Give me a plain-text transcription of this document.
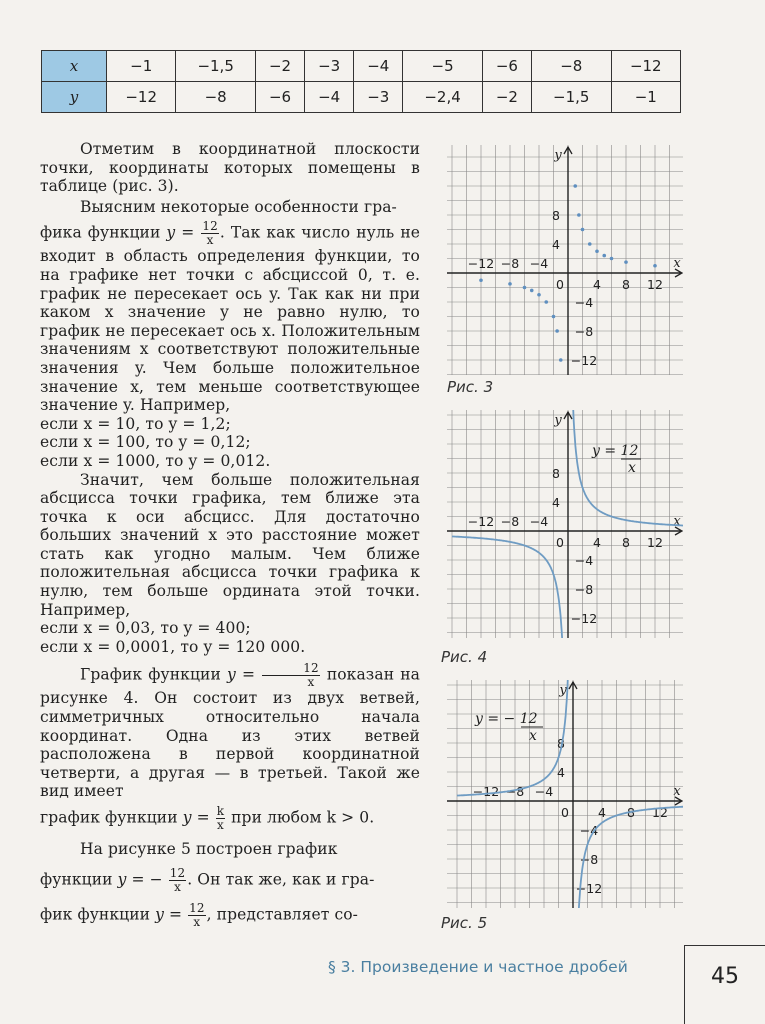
x	−1	−1,5	−2	−3	−4	−5	−6	−8	−12
y	−12	−8	−6	−4	−3	−2,4	−2	−1,5	−1

Отметим в координатной плоскости точки, координаты которых помещены в таблице (рис. 3).

Выясним некоторые особенности гра-

фика функции $y = \frac{12}{x}$ . Так как число нуль не входит в область определения функции, то на графике нет точки с абсциссой 0, т. е. график не пересекает ось y. Так как ни при каком x значение y не равно нулю, то график не пересекает ось x. Положительным значениям x соответствуют положительные значения y. Чем больше положительное значение x, тем меньше соответствующее значение y. Например,

если x = 10, то y = 1,2;
если x = 100, то y = 0,12;
если x = 1000, то y = 0,012.

Значит, чем больше положительная абсцисса точки графика, тем ближе эта точка к оси абсцисс. Для достаточно больших значений x это расстояние может стать как угодно малым. Чем ближе положительная абсцисса точки графика к нулю, тем больше ордината этой точки. Например,

если x = 0,03, то y = 400;
если x = 0,0001, то y = 120 000.

График функции $y = \frac{12}{x}$ показан на рисунке 4. Он состоит из двух ветвей, симметричных относительно начала координат. Одна из этих ветвей расположена в первой координатной четверти, а другая — в третьей. Такой же вид имеет

график функции $y = \frac{k}{x}$ при любом k > 0.

На рисунке 5 построен график

функции y = − $\frac{12}{x}$ . Он так же, как и гра-

фик функции $y = \frac{12}{x}$ , представляет со-

x
y
−12 −8 −4
4 8 12
8
4
−4
−8
−12
0
Рис. 3
x
y
−12 −8 −4
4 8 12
8
4
−4
−8
−12
0
y = 12
x
Рис. 4
x
y
−12 −8 −4
4 8 12
8
4
−4
−8
−12
0
y = − 12
x
Рис. 5
§ 3. Произведение и частное дробей	45
